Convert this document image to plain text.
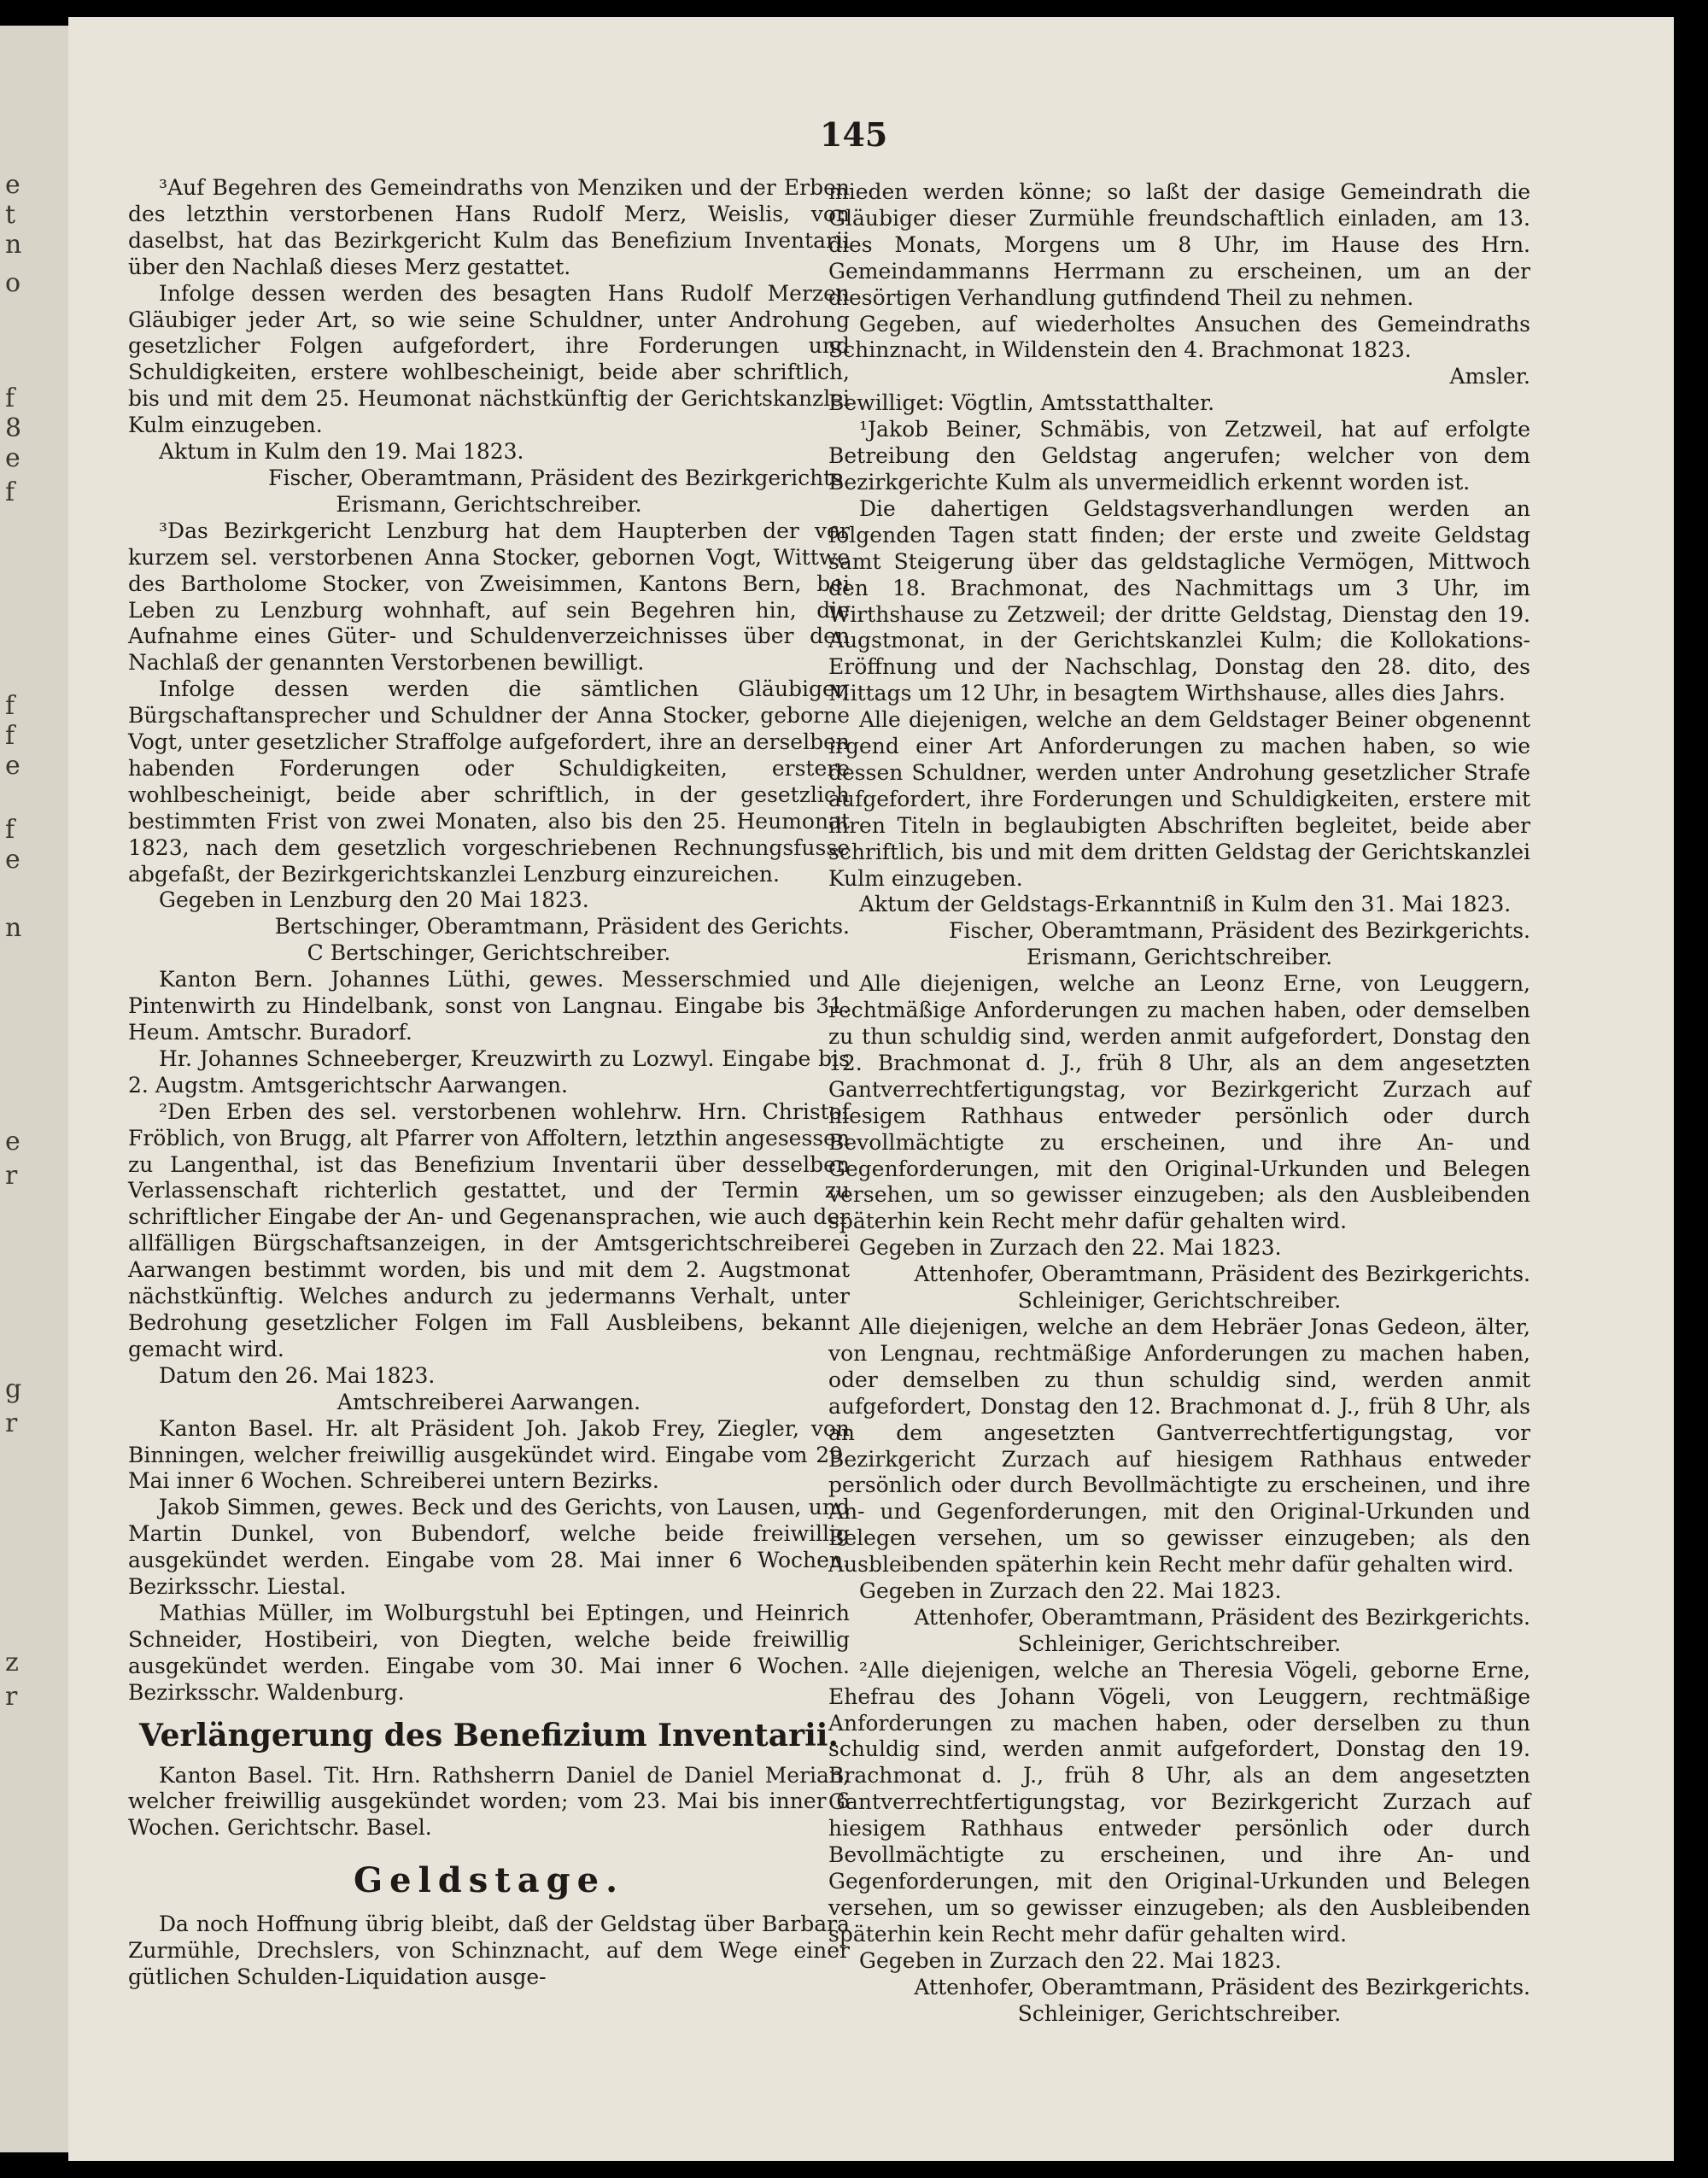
e
t
n
o
f
8
e
f
f
f
e
f
e
n
e
r
g
r
z
r
145

³Auf Begehren des Gemeindraths von Menziken und der Erben des letzthin verstorbenen Hans Rudolf Merz, Weislis, von daselbst, hat das Bezirkgericht Kulm das Benefizium Inventarii über den Nachlaß dieses Merz gestattet.

Infolge dessen werden des besagten Hans Rudolf Merzen Gläubiger jeder Art, so wie seine Schuldner, unter Androhung gesetzlicher Folgen aufgefordert, ihre Forderungen und Schuldigkeiten, erstere wohlbescheinigt, beide aber schriftlich, bis und mit dem 25. Heumonat nächstkünftig der Gerichtskanzlei Kulm einzugeben.

Aktum in Kulm den 19. Mai 1823.

Fischer, Oberamtmann, Präsident des Bezirkgerichts.

Erismann, Gerichtschreiber.

³Das Bezirkgericht Lenzburg hat dem Haupterben der vor kurzem sel. verstorbenen Anna Stocker, gebornen Vogt, Wittwe des Bartholome Stocker, von Zweisimmen, Kantons Bern, bei Leben zu Lenzburg wohnhaft, auf sein Begehren hin, die Aufnahme eines Güter- und Schuldenverzeichnisses über den Nachlaß der genannten Verstorbenen bewilligt.

Infolge dessen werden die sämtlichen Gläubiger, Bürgschaftansprecher und Schuldner der Anna Stocker, geborne Vogt, unter gesetzlicher Straffolge aufgefordert, ihre an derselben habenden Forderungen oder Schuldigkeiten, erstere wohlbescheinigt, beide aber schriftlich, in der gesetzlich bestimmten Frist von zwei Monaten, also bis den 25. Heumonat 1823, nach dem gesetzlich vorgeschriebenen Rechnungsfusse abgefaßt, der Bezirkgerichtskanzlei Lenzburg einzureichen.

Gegeben in Lenzburg den 20 Mai 1823.

Bertschinger, Oberamtmann, Präsident des Gerichts.

C Bertschinger, Gerichtschreiber.

Kanton Bern. Johannes Lüthi, gewes. Messerschmied und Pintenwirth zu Hindelbank, sonst von Langnau. Eingabe bis 31. Heum. Amtschr. Buradorf.

Hr. Johannes Schneeberger, Kreuzwirth zu Lozwyl. Eingabe bis 2. Augstm. Amtsgerichtschr Aarwangen.

²Den Erben des sel. verstorbenen wohlehrw. Hrn. Christof Fröblich, von Brugg, alt Pfarrer von Affoltern, letzthin angesessen zu Langenthal, ist das Benefizium Inventarii über desselben Verlassenschaft richterlich gestattet, und der Termin zu schriftlicher Eingabe der An- und Gegenansprachen, wie auch der allfälligen Bürgschaftsanzeigen, in der Amtsgerichtschreiberei Aarwangen bestimmt worden, bis und mit dem 2. Augstmonat nächstkünftig. Welches andurch zu jedermanns Verhalt, unter Bedrohung gesetzlicher Folgen im Fall Ausbleibens, bekannt gemacht wird.

Datum den 26. Mai 1823.

Amtschreiberei Aarwangen.

Kanton Basel. Hr. alt Präsident Joh. Jakob Frey, Ziegler, von Binningen, welcher freiwillig ausgekündet wird. Eingabe vom 29. Mai inner 6 Wochen. Schreiberei untern Bezirks.

Jakob Simmen, gewes. Beck und des Gerichts, von Lausen, und Martin Dunkel, von Bubendorf, welche beide freiwillig ausgekündet werden. Eingabe vom 28. Mai inner 6 Wochen. Bezirksschr. Liestal.

Mathias Müller, im Wolburgstuhl bei Eptingen, und Heinrich Schneider, Hostibeiri, von Diegten, welche beide freiwillig ausgekündet werden. Eingabe vom 30. Mai inner 6 Wochen. Bezirksschr. Waldenburg.

Verlängerung des Benefizium Inventarii.

Kanton Basel. Tit. Hrn. Rathsherrn Daniel de Daniel Merian, welcher freiwillig ausgekündet worden; vom 23. Mai bis inner 6 Wochen. Gerichtschr. Basel.

Geldstage.

Da noch Hoffnung übrig bleibt, daß der Geldstag über Barbara Zurmühle, Drechslers, von Schinznacht, auf dem Wege einer gütlichen Schulden-Liquidation ausge-

mieden werden könne; so laßt der dasige Gemeindrath die Gläubiger dieser Zurmühle freundschaftlich einladen, am 13. dies Monats, Morgens um 8 Uhr, im Hause des Hrn. Gemeindammanns Herrmann zu erscheinen, um an der diesörtigen Verhandlung gutfindend Theil zu nehmen.

Gegeben, auf wiederholtes Ansuchen des Gemeindraths Schinznacht, in Wildenstein den 4. Brachmonat 1823.

Amsler.

Bewilliget: Vögtlin, Amtsstatthalter.

¹Jakob Beiner, Schmäbis, von Zetzweil, hat auf erfolgte Betreibung den Geldstag angerufen; welcher von dem Bezirkgerichte Kulm als unvermeidlich erkennt worden ist.

Die dahertigen Geldstagsverhandlungen werden an folgenden Tagen statt finden; der erste und zweite Geldstag samt Steigerung über das geldstagliche Vermögen, Mittwoch den 18. Brachmonat, des Nachmittags um 3 Uhr, im Wirthshause zu Zetzweil; der dritte Geldstag, Dienstag den 19. Augstmonat, in der Gerichtskanzlei Kulm; die Kollokations-Eröffnung und der Nachschlag, Donstag den 28. dito, des Mittags um 12 Uhr, in besagtem Wirthshause, alles dies Jahrs.

Alle diejenigen, welche an dem Geldstager Beiner obgenennt irgend einer Art Anforderungen zu machen haben, so wie dessen Schuldner, werden unter Androhung gesetzlicher Strafe aufgefordert, ihre Forderungen und Schuldigkeiten, erstere mit ihren Titeln in beglaubigten Abschriften begleitet, beide aber schriftlich, bis und mit dem dritten Geldstag der Gerichtskanzlei Kulm einzugeben.

Aktum der Geldstags-Erkanntniß in Kulm den 31. Mai 1823.

Fischer, Oberamtmann, Präsident des Bezirkgerichts.

Erismann, Gerichtschreiber.

Alle diejenigen, welche an Leonz Erne, von Leuggern, rechtmäßige Anforderungen zu machen haben, oder demselben zu thun schuldig sind, werden anmit aufgefordert, Donstag den 12. Brachmonat d. J., früh 8 Uhr, als an dem angesetzten Gantverrechtfertigungstag, vor Bezirkgericht Zurzach auf hiesigem Rathhaus entweder persönlich oder durch Bevollmächtigte zu erscheinen, und ihre An- und Gegenforderungen, mit den Original-Urkunden und Belegen versehen, um so gewisser einzugeben; als den Ausbleibenden späterhin kein Recht mehr dafür gehalten wird.

Gegeben in Zurzach den 22. Mai 1823.

Attenhofer, Oberamtmann, Präsident des Bezirkgerichts.

Schleiniger, Gerichtschreiber.

Alle diejenigen, welche an dem Hebräer Jonas Gedeon, älter, von Lengnau, rechtmäßige Anforderungen zu machen haben, oder demselben zu thun schuldig sind, werden anmit aufgefordert, Donstag den 12. Brachmonat d. J., früh 8 Uhr, als an dem angesetzten Gantverrechtfertigungstag, vor Bezirkgericht Zurzach auf hiesigem Rathhaus entweder persönlich oder durch Bevollmächtigte zu erscheinen, und ihre An- und Gegenforderungen, mit den Original-Urkunden und Belegen versehen, um so gewisser einzugeben; als den Ausbleibenden späterhin kein Recht mehr dafür gehalten wird.

Gegeben in Zurzach den 22. Mai 1823.

Attenhofer, Oberamtmann, Präsident des Bezirkgerichts.

Schleiniger, Gerichtschreiber.

²Alle diejenigen, welche an Theresia Vögeli, geborne Erne, Ehefrau des Johann Vögeli, von Leuggern, rechtmäßige Anforderungen zu machen haben, oder derselben zu thun schuldig sind, werden anmit aufgefordert, Donstag den 19. Brachmonat d. J., früh 8 Uhr, als an dem angesetzten Gantverrechtfertigungstag, vor Bezirkgericht Zurzach auf hiesigem Rathhaus entweder persönlich oder durch Bevollmächtigte zu erscheinen, und ihre An- und Gegenforderungen, mit den Original-Urkunden und Belegen versehen, um so gewisser einzugeben; als den Ausbleibenden späterhin kein Recht mehr dafür gehalten wird.

Gegeben in Zurzach den 22. Mai 1823.

Attenhofer, Oberamtmann, Präsident des Bezirkgerichts.

Schleiniger, Gerichtschreiber.
